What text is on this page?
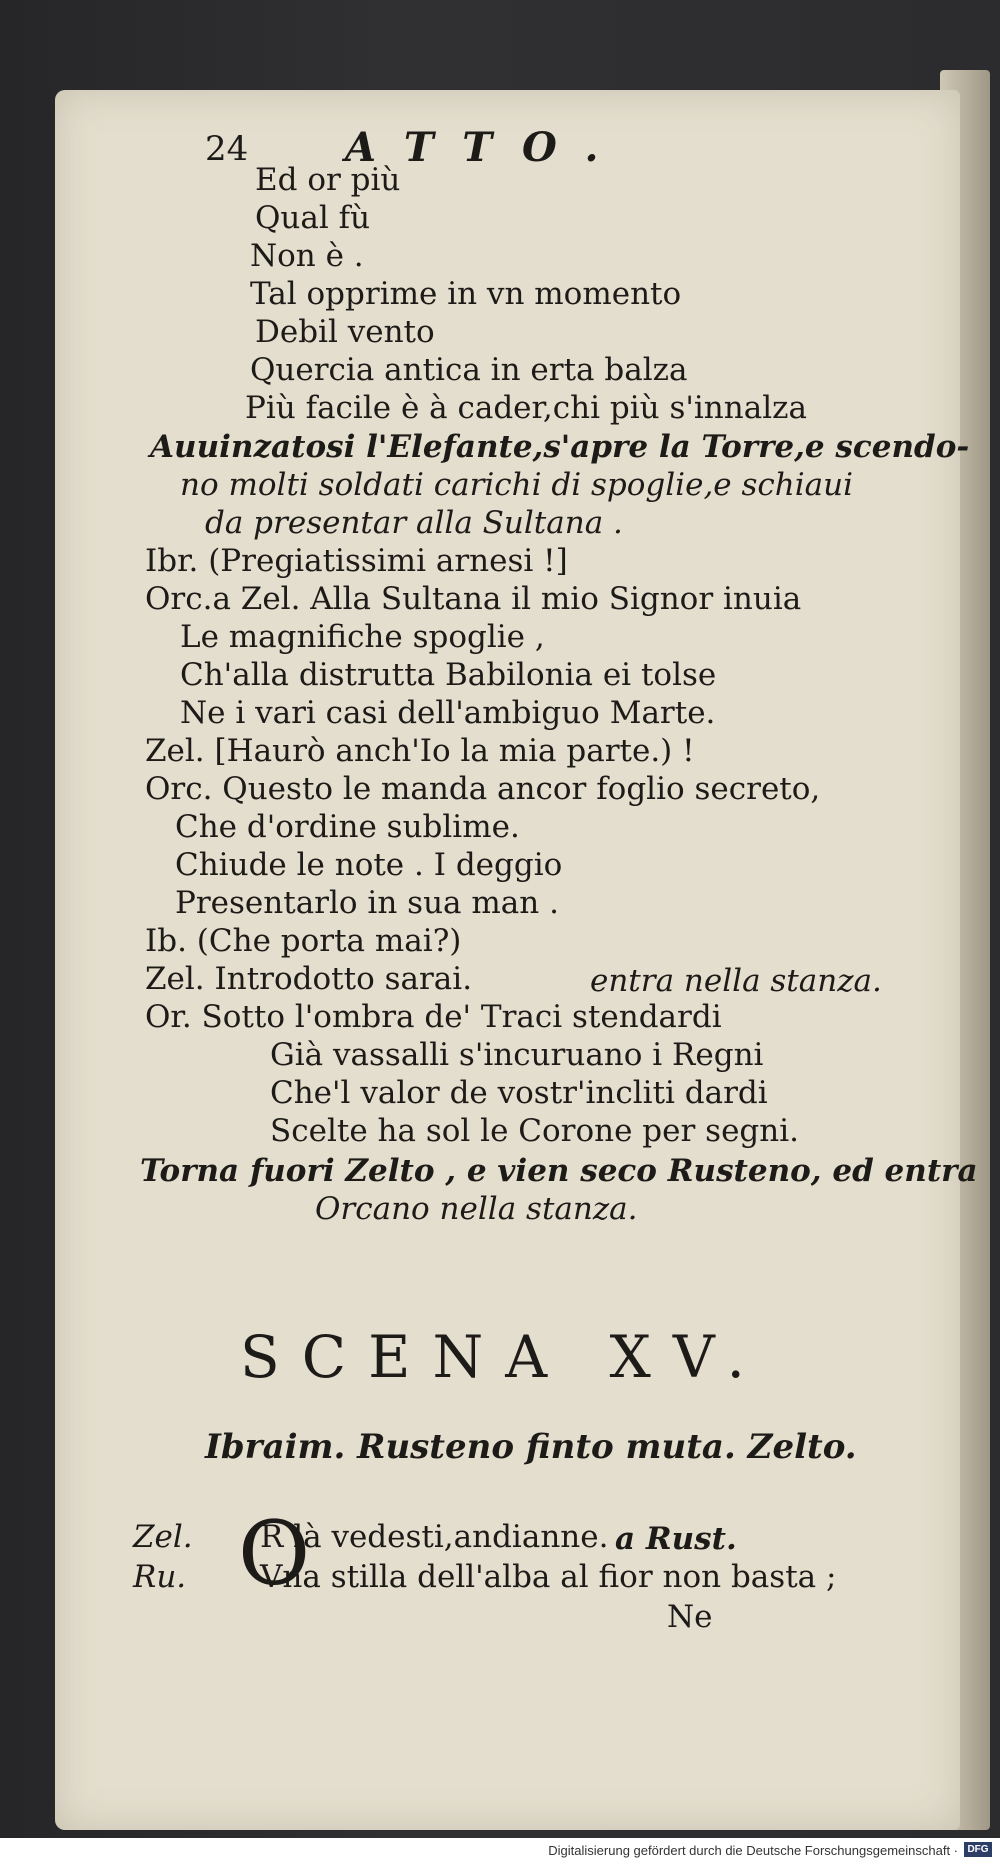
24 ATTO.
Ed or più
Qual fù
Non è .
Tal opprime in vn momento
Debil vento
Quercia antica in erta balza
Più facile è à cader,chi più s'innalza
Auuinzatosi l'Elefante,s'apre la Torre,e scendo-
no molti soldati carichi di spoglie,e schiaui
da presentar alla Sultana .
Ibr. (Pregiatissimi arnesi !]
Orc.a Zel. Alla Sultana il mio Signor inuia
Le magnifiche spoglie ,
Ch'alla distrutta Babilonia ei tolse
Ne i vari casi dell'ambiguo Marte.
Zel. [Haurò anch'Io la mia parte.) !
Orc. Questo le manda ancor foglio secreto,
Che d'ordine sublime.
Chiude le note . I deggio
Presentarlo in sua man .
Ib. (Che porta mai?)
Zel. Introdotto sarai.	entra nella stanza.
Or. Sotto l'ombra de' Traci stendardi
Già vassalli s'incuruano i Regni
Che'l valor de vostr'incliti dardi
Scelte ha sol le Corone per segni.
Torna fuori Zelto , e vien seco Rusteno, ed entra
Orcano nella stanza.
SCENA XV.
Ibraim. Rusteno finto muta. Zelto.
Zel. R là vedesti,andianne. a Rust.
Ru. Vna stilla dell'alba al fior non basta ;
Ne
O
Digitalisierung gefördert durch die Deutsche Forschungsgemeinschaft · DFG
